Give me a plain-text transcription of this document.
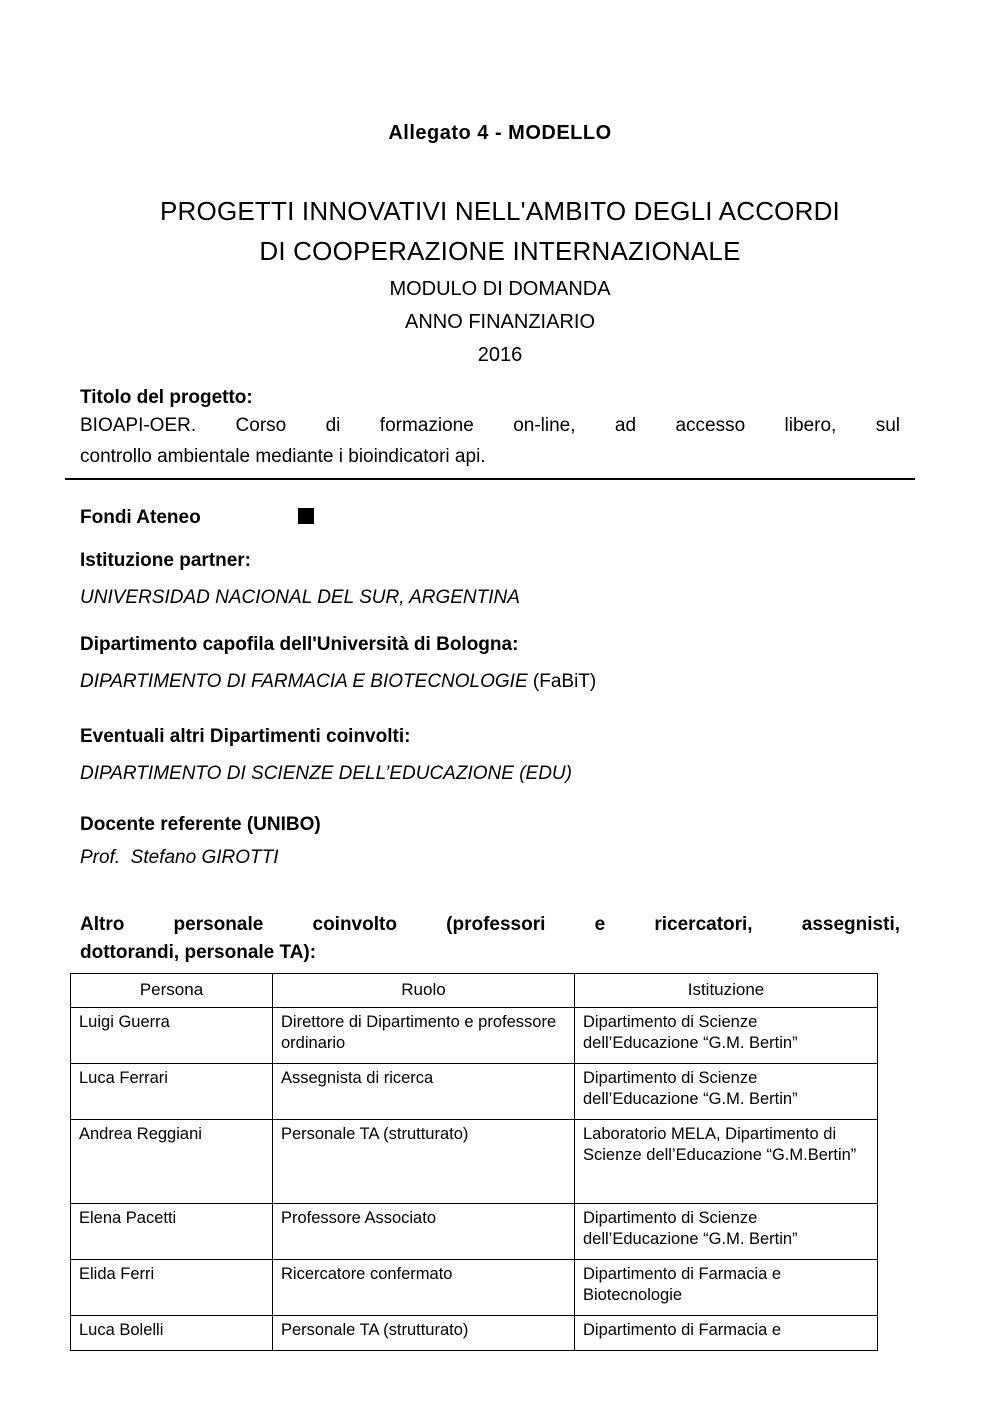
Allegato 4 - MODELLO
PROGETTI INNOVATIVI NELL'AMBITO DEGLI ACCORDI
DI COOPERAZIONE INTERNAZIONALE
MODULO DI DOMANDA
ANNO FINANZIARIO
2016
Titolo del progetto:
BIOAPI-OER. Corso di formazione on-line, ad accesso libero, sul
controllo ambientale mediante i bioindicatori api.
Fondi Ateneo
Istituzione partner:
UNIVERSIDAD NACIONAL DEL SUR, ARGENTINA
Dipartimento capofila dell'Università di Bologna:
DIPARTIMENTO DI FARMACIA E BIOTECNOLOGIE (FaBiT)
Eventuali altri Dipartimenti coinvolti:
DIPARTIMENTO DI SCIENZE DELL’EDUCAZIONE (EDU)
Docente referente (UNIBO)
Prof.  Stefano GIROTTI
Altro personale coinvolto (professori e ricercatori, assegnisti,
dottorandi, personale TA):
Persona	Ruolo	Istituzione
Luigi Guerra	Direttore di Dipartimento e professore ordinario	Dipartimento di Scienze dell’Educazione “G.M. Bertin”
Luca Ferrari	Assegnista di ricerca	Dipartimento di Scienze dell’Educazione “G.M. Bertin”
Andrea Reggiani	Personale TA (strutturato)	Laboratorio MELA, Dipartimento di Scienze dell’Educazione “G.M.Bertin”
Elena Pacetti	Professore Associato	Dipartimento di Scienze dell’Educazione “G.M. Bertin”
Elida Ferri	Ricercatore confermato	Dipartimento di Farmacia e Biotecnologie
Luca Bolelli	Personale TA (strutturato)	Dipartimento di Farmacia e
